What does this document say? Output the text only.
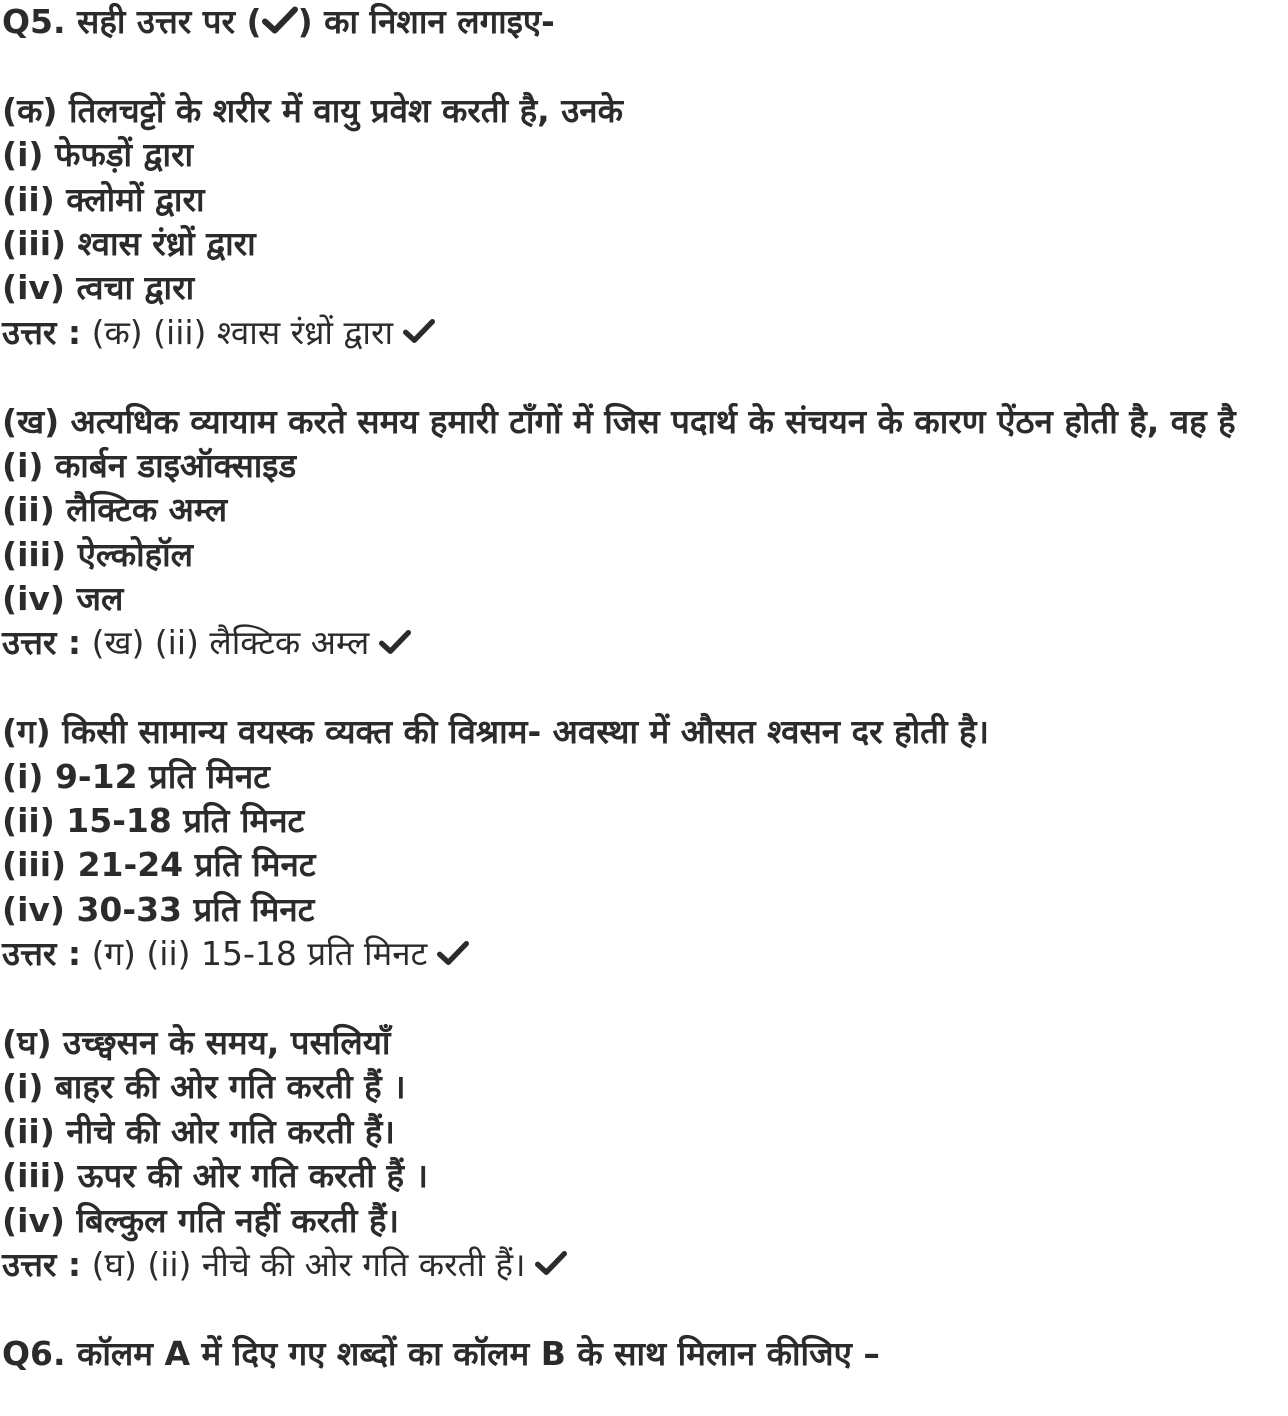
Q5. सही उत्तर पर ( ) का निशान लगाइए-
(क) तिलचट्टों के शरीर में वायु प्रवेश करती है, उनके
(i) फेफड़ों द्वारा
(ii) क्लोमों द्वारा
(iii) श्वास रंध्रों द्वारा
(iv) त्वचा द्वारा
उत्तर : (क) (iii) श्वास रंध्रों द्वारा
(ख) अत्यधिक व्यायाम करते समय हमारी टाँगों में जिस पदार्थ के संचयन के कारण ऐंठन होती है, वह है
(i) कार्बन डाइऑक्साइड
(ii) लैक्टिक अम्ल
(iii) ऐल्कोहॉल
(iv) जल
उत्तर : (ख) (ii) लैक्टिक अम्ल
(ग) किसी सामान्य वयस्क व्यक्त की विश्राम- अवस्था में औसत श्वसन दर होती है।
(i) 9-12 प्रति मिनट
(ii) 15-18 प्रति मिनट
(iii) 21-24 प्रति मिनट
(iv) 30-33 प्रति मिनट
उत्तर : (ग) (ii) 15-18 प्रति मिनट
(घ) उच्छ्वसन के समय, पसलियाँ
(i) बाहर की ओर गति करती हैं ।
(ii) नीचे की ओर गति करती हैं।
(iii) ऊपर की ओर गति करती हैं ।
(iv) बिल्कुल गति नहीं करती हैं।
उत्तर : (घ) (ii) नीचे की ओर गति करती हैं।
Q6. कॉलम A में दिए गए शब्दों का कॉलम B के साथ मिलान कीजिए –
